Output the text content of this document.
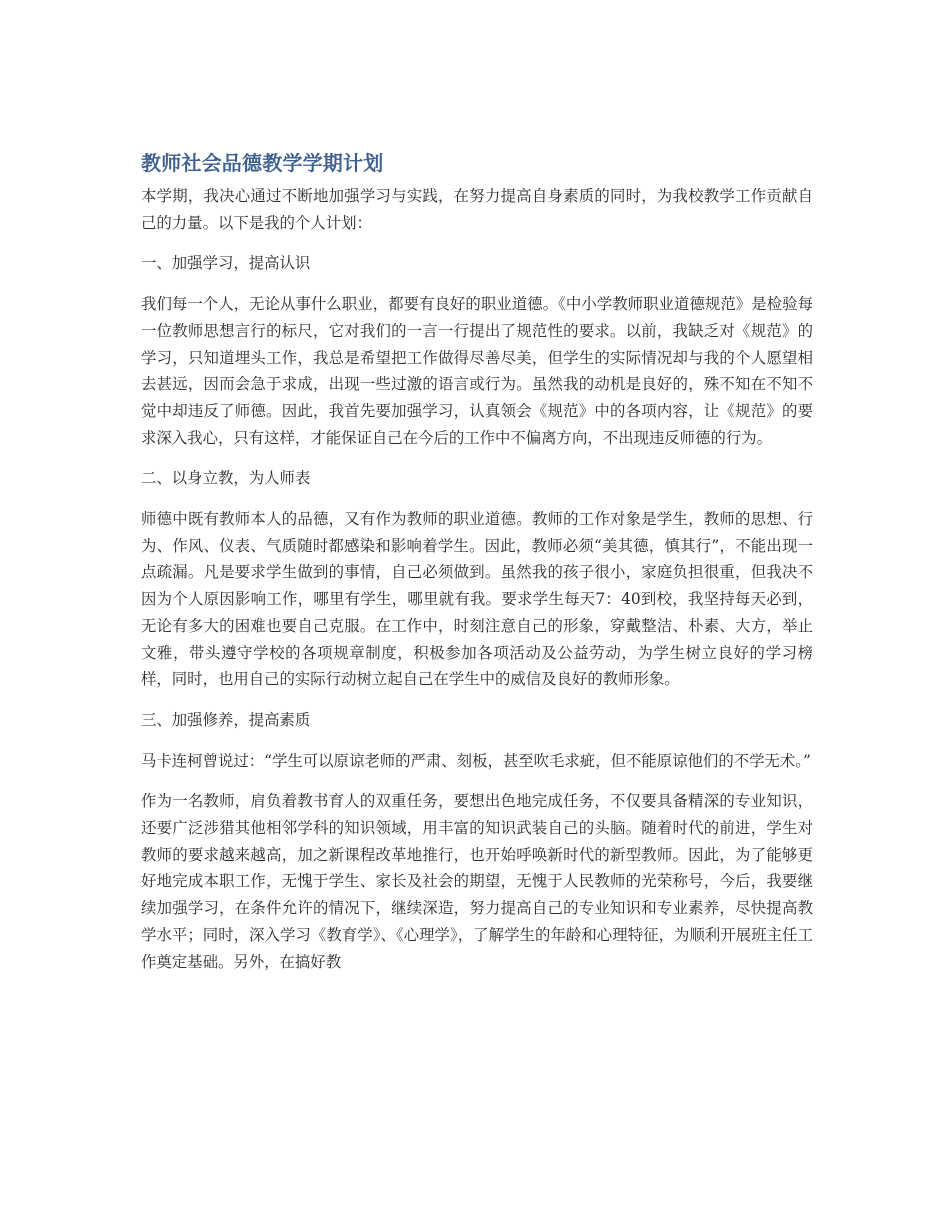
教师社会品德教学学期计划

本学期，我决心通过不断地加强学习与实践，在努力提高自身素质的同时，为我校教学工作贡献自己的力量。以下是我的个人计划：

一、加强学习，提高认识

我们每一个人，无论从事什么职业，都要有良好的职业道德。《中小学教师职业道德规范》是检验每一位教师思想言行的标尺，它对我们的一言一行提出了规范性的要求。以前，我缺乏对《规范》的学习，只知道埋头工作，我总是希望把工作做得尽善尽美，但学生的实际情况却与我的个人愿望相去甚远，因而会急于求成，出现一些过激的语言或行为。虽然我的动机是良好的，殊不知在不知不觉中却违反了师德。因此，我首先要加强学习，认真领会《规范》中的各项内容，让《规范》的要求深入我心，只有这样，才能保证自己在今后的工作中不偏离方向，不出现违反师德的行为。

二、以身立教，为人师表

师德中既有教师本人的品德，又有作为教师的职业道德。教师的工作对象是学生，教师的思想、行为、作风、仪表、气质随时都感染和影响着学生。因此，教师必须“美其德，慎其行”，不能出现一点疏漏。凡是要求学生做到的事情，自己必须做到。虽然我的孩子很小，家庭负担很重，但我决不因为个人原因影响工作，哪里有学生，哪里就有我。要求学生每天7：40到校，我坚持每天必到，无论有多大的困难也要自己克服。在工作中，时刻注意自己的形象，穿戴整洁、朴素、大方，举止文雅，带头遵守学校的各项规章制度，积极参加各项活动及公益劳动，为学生树立良好的学习榜样，同时，也用自己的实际行动树立起自己在学生中的威信及良好的教师形象。

三、加强修养，提高素质

马卡连柯曾说过：“学生可以原谅老师的严肃、刻板，甚至吹毛求疵，但不能原谅他们的不学无术。”

作为一名教师，肩负着教书育人的双重任务，要想出色地完成任务，不仅要具备精深的专业知识，还要广泛涉猎其他相邻学科的知识领域，用丰富的知识武装自己的头脑。随着时代的前进，学生对教师的要求越来越高，加之新课程改革地推行，也开始呼唤新时代的新型教师。因此，为了能够更好地完成本职工作，无愧于学生、家长及社会的期望，无愧于人民教师的光荣称号，今后，我要继续加强学习，在条件允许的情况下，继续深造，努力提高自己的专业知识和专业素养，尽快提高教学水平；同时，深入学习《教育学》、《心理学》，了解学生的年龄和心理特征，为顺利开展班主任工作奠定基础。另外，在搞好教
